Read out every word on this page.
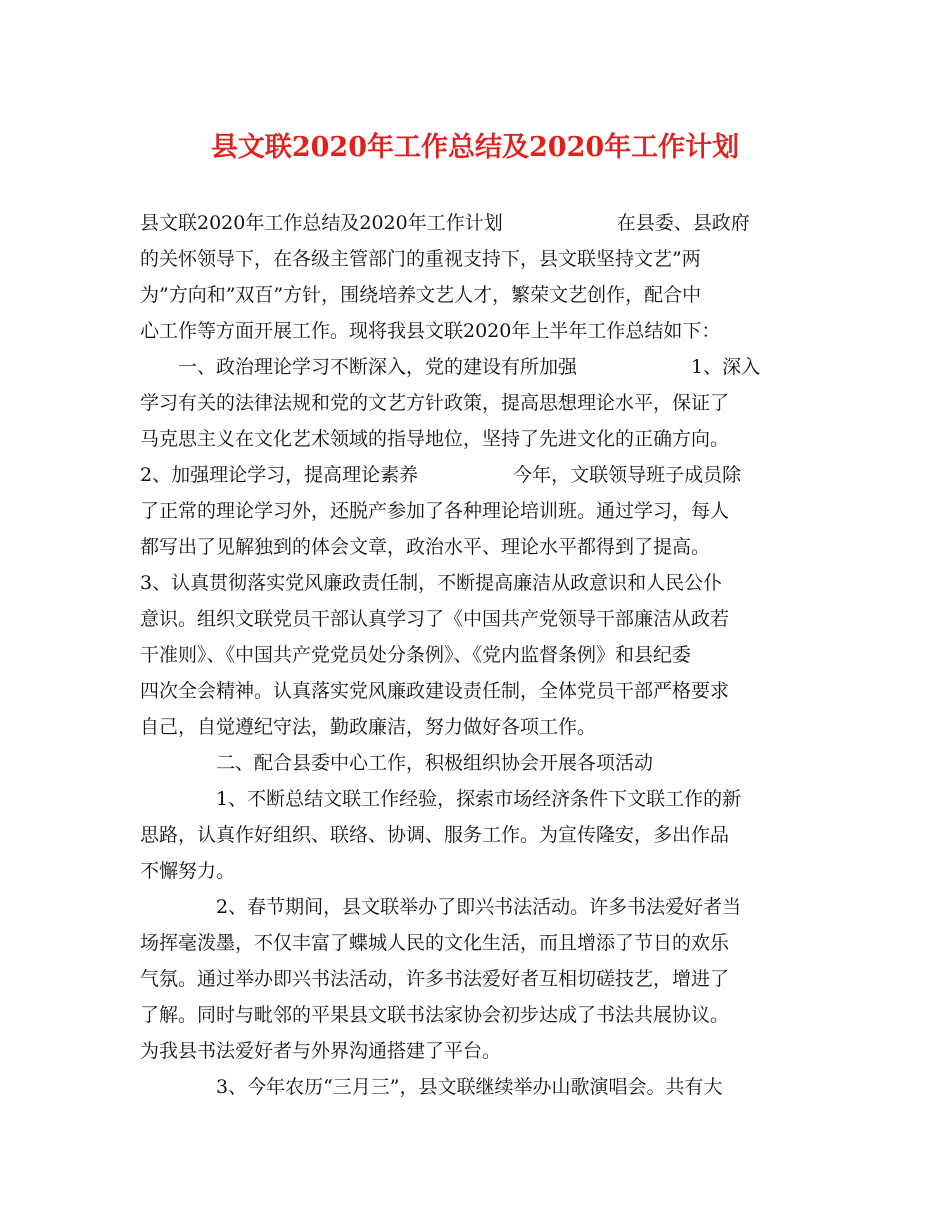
县文联2020年工作总结及2020年工作计划
县文联2020年工作总结及2020年工作计划　　　　　　在县委、县政府
的关怀领导下，在各级主管部门的重视支持下，县文联坚持文艺”两
为”方向和”双百”方针，围绕培养文艺人才，繁荣文艺创作，配合中
心工作等方面开展工作。现将我县文联2020年上半年工作总结如下：
　　一、政治理论学习不断深入，党的建设有所加强　　　　　　1、深入
学习有关的法律法规和党的文艺方针政策，提高思想理论水平，保证了
马克思主义在文化艺术领域的指导地位，坚持了先进文化的正确方向。
2、加强理论学习，提高理论素养　　　　　今年，文联领导班子成员除
了正常的理论学习外，还脱产参加了各种理论培训班。通过学习，每人
都写出了见解独到的体会文章，政治水平、理论水平都得到了提高。
3、认真贯彻落实党风廉政责任制，不断提高廉洁从政意识和人民公仆
意识。组织文联党员干部认真学习了《中国共产党领导干部廉洁从政若
干准则》、《中国共产党党员处分条例》、《党内监督条例》和县纪委
四次全会精神。认真落实党风廉政建设责任制，全体党员干部严格要求
自己，自觉遵纪守法，勤政廉洁，努力做好各项工作。
　　　　二、配合县委中心工作，积极组织协会开展各项活动
　　　　1、不断总结文联工作经验，探索市场经济条件下文联工作的新
思路，认真作好组织、联络、协调、服务工作。为宣传隆安，多出作品
不懈努力。
　　　　2、春节期间，县文联举办了即兴书法活动。许多书法爱好者当
场挥毫泼墨，不仅丰富了蝶城人民的文化生活，而且增添了节日的欢乐
气氛。通过举办即兴书法活动，许多书法爱好者互相切磋技艺，增进了
了解。同时与毗邻的平果县文联书法家协会初步达成了书法共展协议。
为我县书法爱好者与外界沟通搭建了平台。
　　　　3、今年农历“三月三”，县文联继续举办山歌演唱会。共有大
